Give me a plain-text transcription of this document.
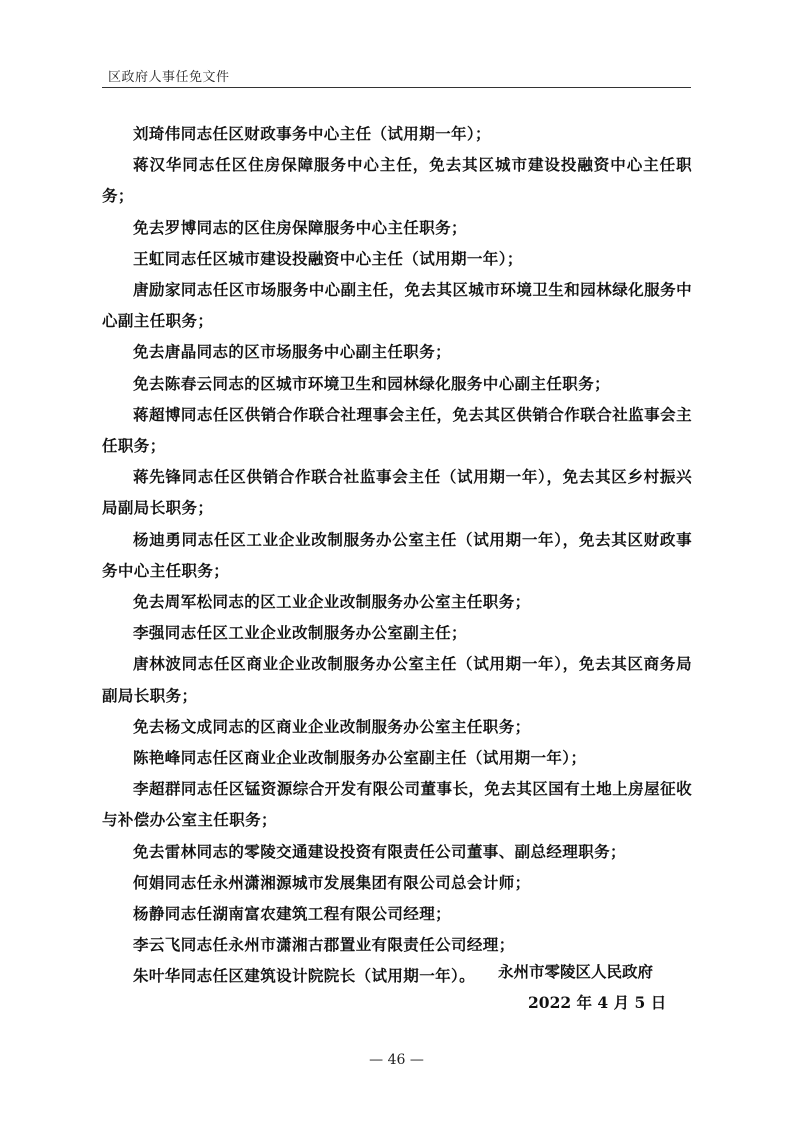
区政府人事任免文件

刘琦伟同志任区财政事务中心主任（试用期一年）；

蒋汉华同志任区住房保障服务中心主任，免去其区城市建设投融资中心主任职务；

免去罗博同志的区住房保障服务中心主任职务；

王虹同志任区城市建设投融资中心主任（试用期一年）；

唐励家同志任区市场服务中心副主任，免去其区城市环境卫生和园林绿化服务中心副主任职务；

免去唐晶同志的区市场服务中心副主任职务；

免去陈春云同志的区城市环境卫生和园林绿化服务中心副主任职务；

蒋超博同志任区供销合作联合社理事会主任，免去其区供销合作联合社监事会主任职务；

蒋先锋同志任区供销合作联合社监事会主任（试用期一年），免去其区乡村振兴局副局长职务；

杨迪勇同志任区工业企业改制服务办公室主任（试用期一年），免去其区财政事务中心主任职务；

免去周军松同志的区工业企业改制服务办公室主任职务；

李强同志任区工业企业改制服务办公室副主任；

唐林波同志任区商业企业改制服务办公室主任（试用期一年），免去其区商务局副局长职务；

免去杨文成同志的区商业企业改制服务办公室主任职务；

陈艳峰同志任区商业企业改制服务办公室副主任（试用期一年）；

李超群同志任区锰资源综合开发有限公司董事长，免去其区国有土地上房屋征收与补偿办公室主任职务；

免去雷林同志的零陵交通建设投资有限责任公司董事、副总经理职务；

何娟同志任永州潇湘源城市发展集团有限公司总会计师；

杨静同志任湖南富农建筑工程有限公司经理；

李云飞同志任永州市潇湘古郡置业有限责任公司经理；

朱叶华同志任区建筑设计院院长（试用期一年）。	永州市零陵区人民政府
2022 年 4 月 5 日
— 46 —
